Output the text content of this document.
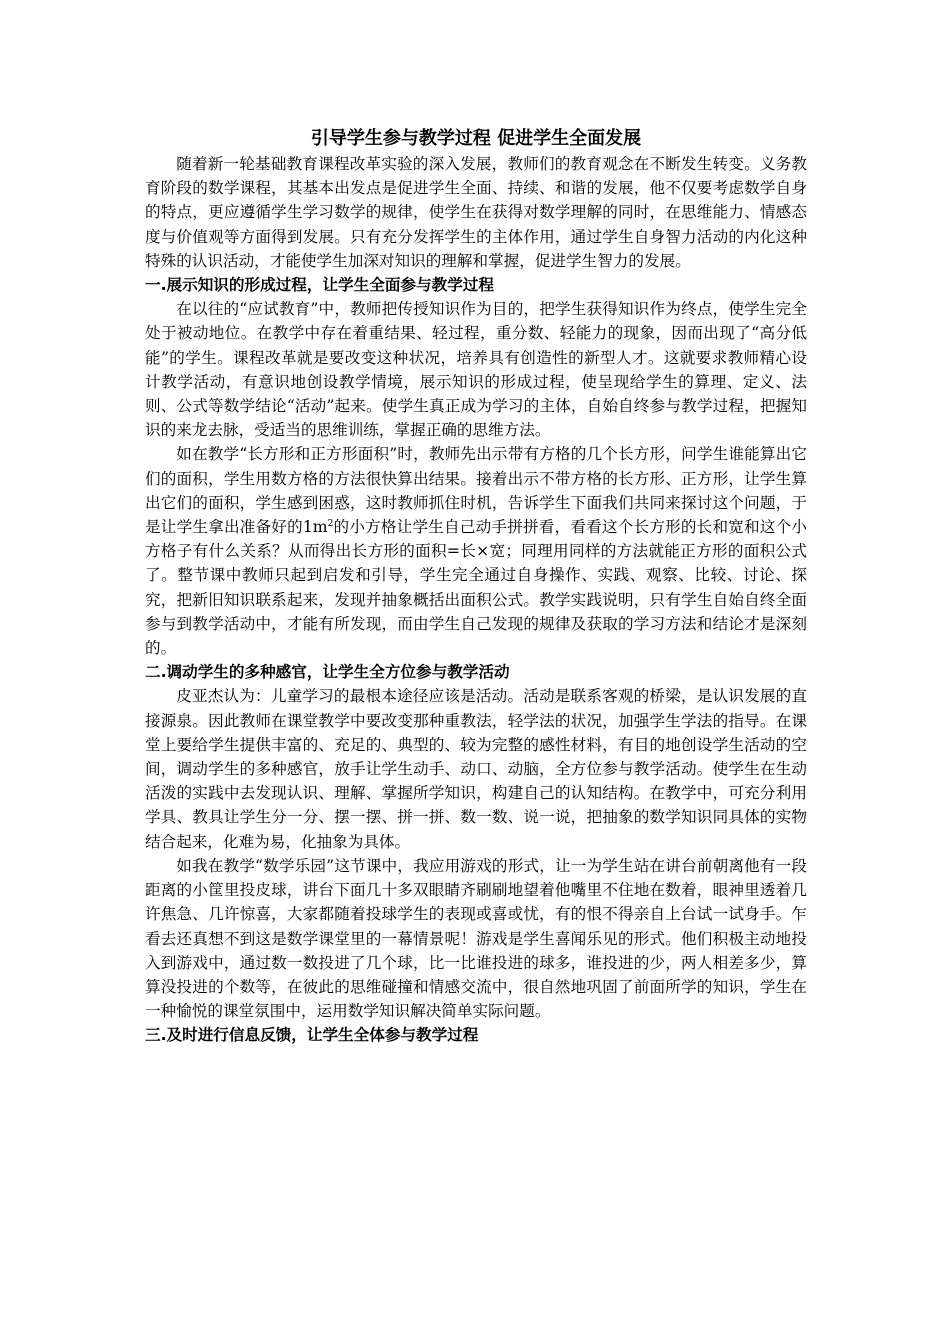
引导学生参与教学过程 促进学生全面发展

随着新一轮基础教育课程改革实验的深入发展，教师们的教育观念在不断发生转变。义务教育阶段的数学课程，其基本出发点是促进学生全面、持续、和谐的发展，他不仅要考虑数学自身的特点，更应遵循学生学习数学的规律，使学生在获得对数学理解的同时，在思维能力、情感态度与价值观等方面得到发展。只有充分发挥学生的主体作用，通过学生自身智力活动的内化这种特殊的认识活动，才能使学生加深对知识的理解和掌握，促进学生智力的发展。

一.展示知识的形成过程，让学生全面参与教学过程

在以往的“应试教育”中，教师把传授知识作为目的，把学生获得知识作为终点，使学生完全处于被动地位。在教学中存在着重结果、轻过程，重分数、轻能力的现象，因而出现了“高分低能”的学生。课程改革就是要改变这种状况，培养具有创造性的新型人才。这就要求教师精心设计教学活动，有意识地创设教学情境，展示知识的形成过程，使呈现给学生的算理、定义、法则、公式等数学结论“活动”起来。使学生真正成为学习的主体，自始自终参与教学过程，把握知识的来龙去脉，受适当的思维训练，掌握正确的思维方法。

如在教学“长方形和正方形面积”时，教师先出示带有方格的几个长方形，问学生谁能算出它们的面积，学生用数方格的方法很快算出结果。接着出示不带方格的长方形、正方形，让学生算出它们的面积，学生感到困惑，这时教师抓住时机，告诉学生下面我们共同来探讨这个问题，于是让学生拿出准备好的$1m^2$的小方格让学生自己动手拼拼看，看看这个长方形的长和宽和这个小方格子有什么关系？从而得出长方形的面积=长×宽；同理用同样的方法就能正方形的面积公式了。整节课中教师只起到启发和引导，学生完全通过自身操作、实践、观察、比较、讨论、探究，把新旧知识联系起来，发现并抽象概括出面积公式。教学实践说明，只有学生自始自终全面参与到教学活动中，才能有所发现，而由学生自己发现的规律及获取的学习方法和结论才是深刻的。

二.调动学生的多种感官，让学生全方位参与教学活动

皮亚杰认为：儿童学习的最根本途径应该是活动。活动是联系客观的桥梁，是认识发展的直接源泉。因此教师在课堂教学中要改变那种重教法，轻学法的状况，加强学生学法的指导。在课堂上要给学生提供丰富的、充足的、典型的、较为完整的感性材料，有目的地创设学生活动的空间，调动学生的多种感官，放手让学生动手、动口、动脑，全方位参与教学活动。使学生在生动活泼的实践中去发现认识、理解、掌握所学知识，构建自己的认知结构。在教学中，可充分利用学具、教具让学生分一分、摆一摆、拼一拼、数一数、说一说，把抽象的数学知识同具体的实物结合起来，化难为易，化抽象为具体。

如我在教学“数学乐园”这节课中，我应用游戏的形式，让一为学生站在讲台前朝离他有一段距离的小筐里投皮球，讲台下面几十多双眼睛齐刷刷地望着他嘴里不住地在数着，眼神里透着几许焦急、几许惊喜，大家都随着投球学生的表现或喜或忧，有的恨不得亲自上台试一试身手。乍看去还真想不到这是数学课堂里的一幕情景呢！游戏是学生喜闻乐见的形式。他们积极主动地投入到游戏中，通过数一数投进了几个球，比一比谁投进的球多，谁投进的少，两人相差多少，算算没投进的个数等，在彼此的思维碰撞和情感交流中，很自然地巩固了前面所学的知识，学生在一种愉悦的课堂氛围中，运用数学知识解决简单实际问题。

三.及时进行信息反馈，让学生全体参与教学过程
